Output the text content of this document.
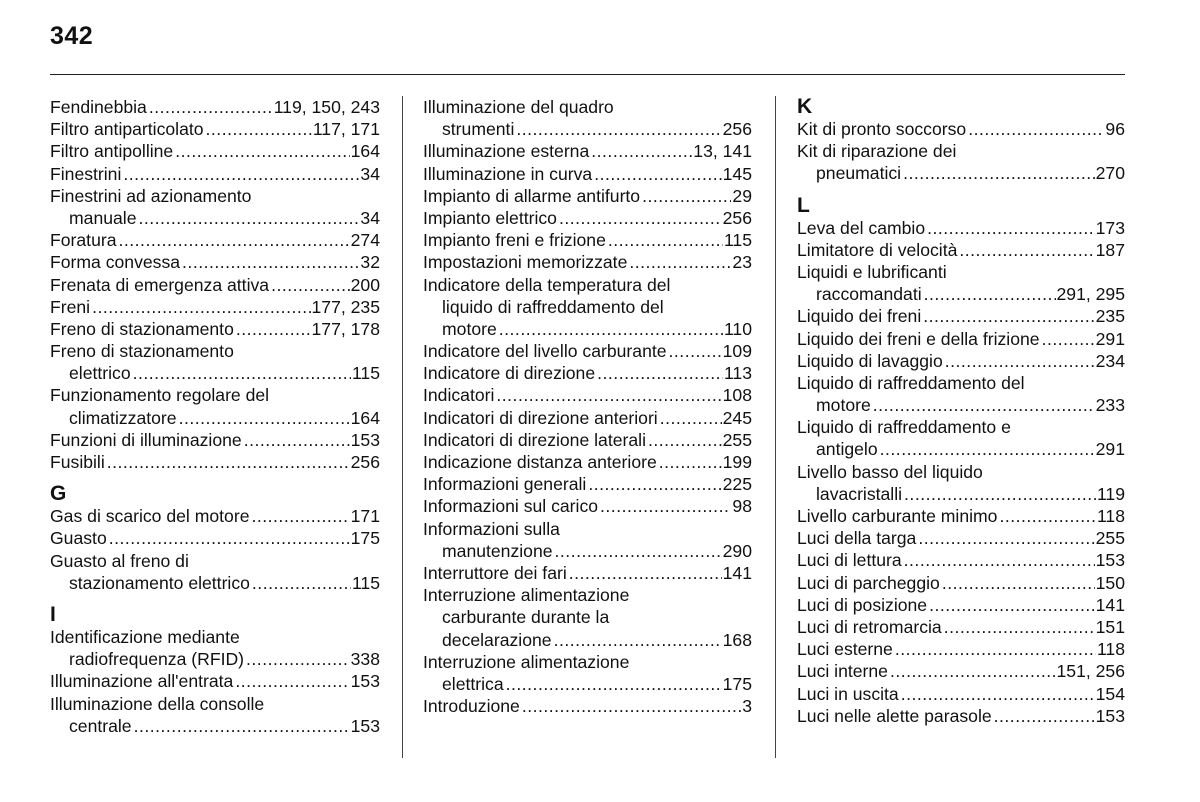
342
Fendinebbia .....	119, 150, 243
Filtro antiparticolato .....	117, 171
Filtro antipolline .....	164
Finestrini .....	34
Finestrini ad azionamento
manuale .....	34
Foratura .....	274
Forma convessa .....	32
Frenata di emergenza attiva .....	200
Freni .....	177, 235
Freno di stazionamento .....	177, 178
Freno di stazionamento
elettrico .....	115
Funzionamento regolare del
climatizzatore .....	164
Funzioni di illuminazione .....	153
Fusibili .....	256
G
Gas di scarico del motore .....	171
Guasto .....	175
Guasto al freno di
stazionamento elettrico .....	115
I
Identificazione mediante
radiofrequenza (RFID) .....	338
Illuminazione all'entrata .....	153
Illuminazione della consolle
centrale .....	153
Illuminazione del quadro
strumenti .....	256
Illuminazione esterna .....	13, 141
Illuminazione in curva .....	145
Impianto di allarme antifurto .....	29
Impianto elettrico .....	256
Impianto freni e frizione .....	115
Impostazioni memorizzate .....	23
Indicatore della temperatura del
liquido di raffreddamento del
motore .....	110
Indicatore del livello carburante .....	109
Indicatore di direzione .....	113
Indicatori .....	108
Indicatori di direzione anteriori .....	245
Indicatori di direzione laterali .....	255
Indicazione distanza anteriore .....	199
Informazioni generali .....	225
Informazioni sul carico .....	98
Informazioni sulla
manutenzione .....	290
Interruttore dei fari .....	141
Interruzione alimentazione
carburante durante la
decelarazione .....	168
Interruzione alimentazione
elettrica .....	175
Introduzione .....	3
K
Kit di pronto soccorso .....	96
Kit di riparazione dei
pneumatici .....	270
L
Leva del cambio .....	173
Limitatore di velocità .....	187
Liquidi e lubrificanti
raccomandati .....	291, 295
Liquido dei freni .....	235
Liquido dei freni e della frizione .....	291
Liquido di lavaggio .....	234
Liquido di raffreddamento del
motore .....	233
Liquido di raffreddamento e
antigelo .....	291
Livello basso del liquido
lavacristalli .....	119
Livello carburante minimo .....	118
Luci della targa .....	255
Luci di lettura .....	153
Luci di parcheggio .....	150
Luci di posizione .....	141
Luci di retromarcia .....	151
Luci esterne .....	118
Luci interne .....	151, 256
Luci in uscita .....	154
Luci nelle alette parasole .....	153
